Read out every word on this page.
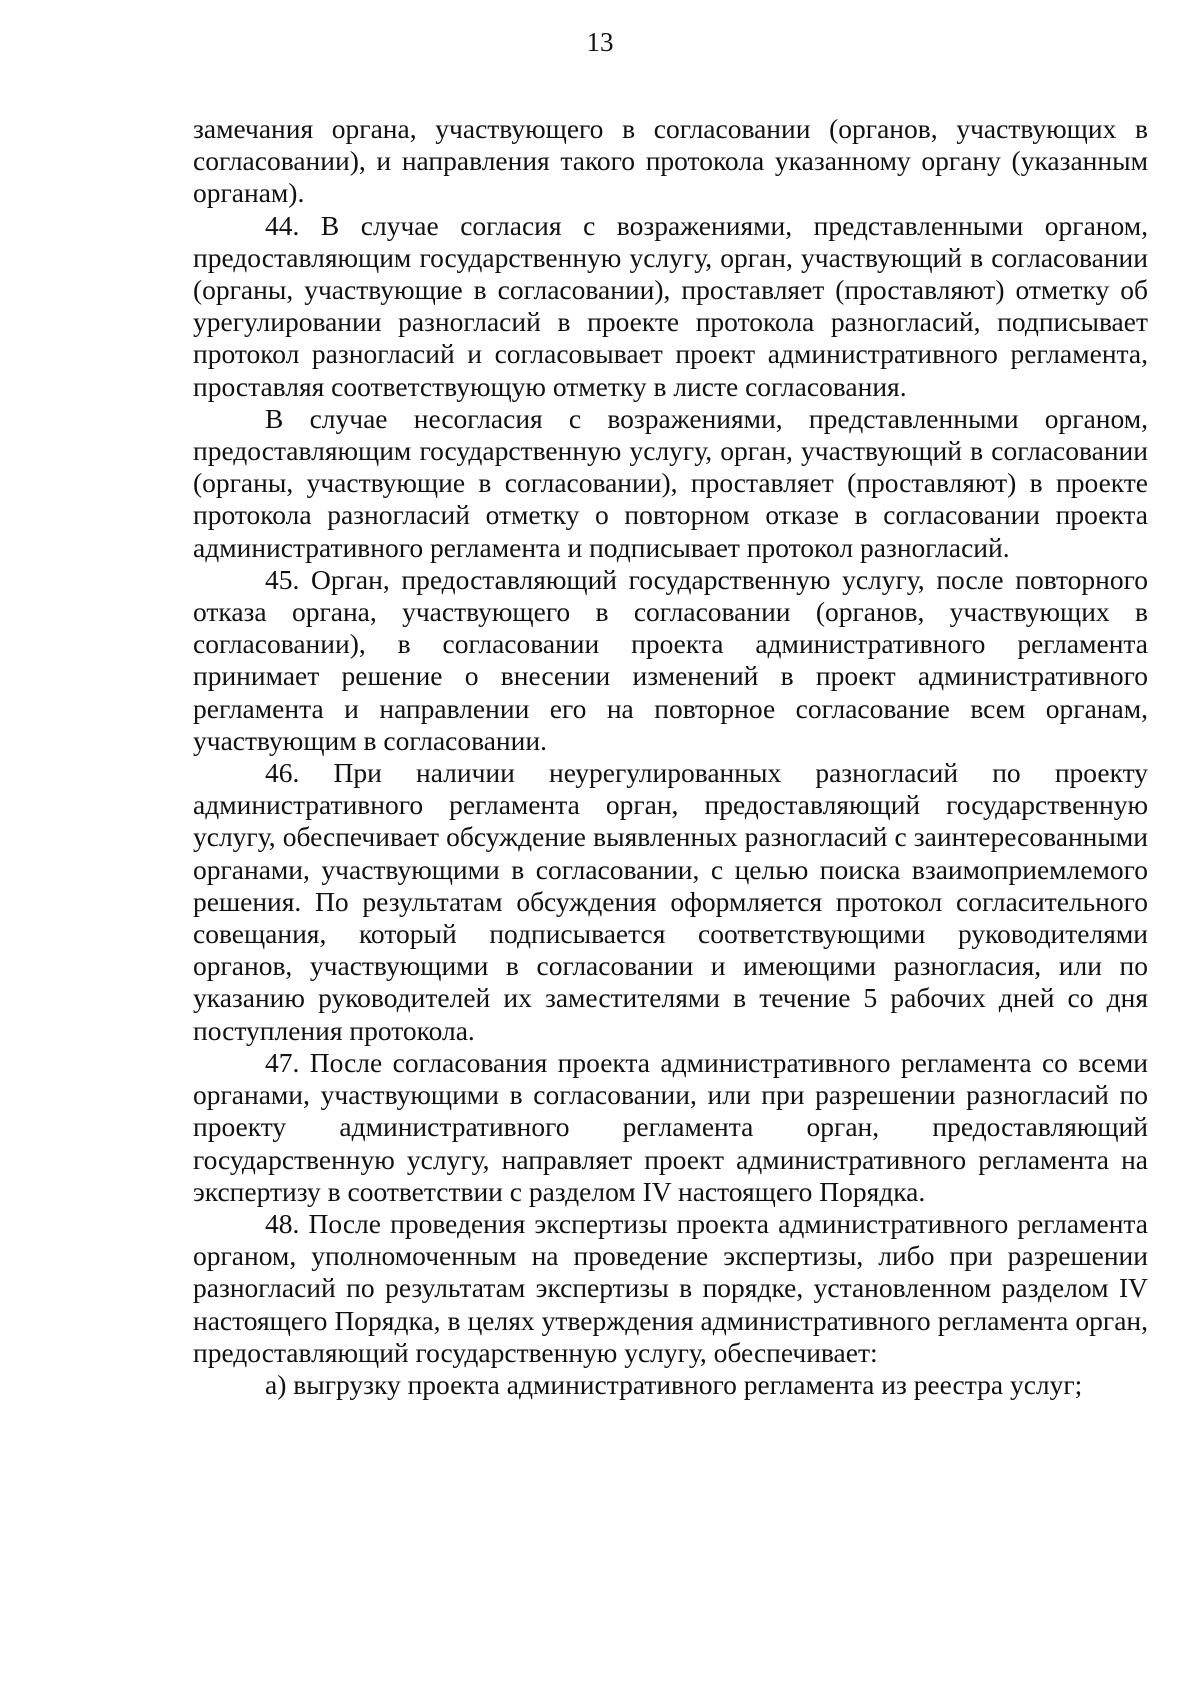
13

замечания органа, участвующего в согласовании (органов, участвующих в согласовании), и направления такого протокола указанному органу (указанным органам).

44. В случае согласия с возражениями, представленными органом, предоставляющим государственную услугу, орган, участвующий в согласовании (органы, участвующие в согласовании), проставляет (проставляют) отметку об урегулировании разногласий в проекте протокола разногласий, подписывает протокол разногласий и согласовывает проект административного регламента, проставляя соответствующую отметку в листе согласования.

В случае несогласия с возражениями, представленными органом, предоставляющим государственную услугу, орган, участвующий в согласовании (органы, участвующие в согласовании), проставляет (проставляют) в проекте протокола разногласий отметку о повторном отказе в согласовании проекта административного регламента и подписывает протокол разногласий.

45. Орган, предоставляющий государственную услугу, после повторного отказа органа, участвующего в согласовании (органов, участвующих в согласовании), в согласовании проекта административного регламента принимает решение о внесении изменений в проект административного регламента и направлении его на повторное согласование всем органам, участвующим в согласовании.

46. При наличии неурегулированных разногласий по проекту административного регламента орган, предоставляющий государственную услугу, обеспечивает обсуждение выявленных разногласий с заинтересованными органами, участвующими в согласовании, с целью поиска взаимоприемлемого решения. По результатам обсуждения оформляется протокол согласительного совещания, который подписывается соответствующими руководителями органов, участвующими в согласовании и имеющими разногласия, или по указанию руководителей их заместителями в течение 5 рабочих дней со дня поступления протокола.

47. После согласования проекта административного регламента со всеми органами, участвующими в согласовании, или при разрешении разногласий по проекту административного регламента орган, предоставляющий государственную услугу, направляет проект административного регламента на экспертизу в соответствии с разделом IV настоящего Порядка.

48. После проведения экспертизы проекта административного регламента органом, уполномоченным на проведение экспертизы, либо при разрешении разногласий по результатам экспертизы в порядке, установленном разделом IV настоящего Порядка, в целях утверждения административного регламента орган, предоставляющий государственную услугу, обеспечивает:

а) выгрузку проекта административного регламента из реестра услуг;
